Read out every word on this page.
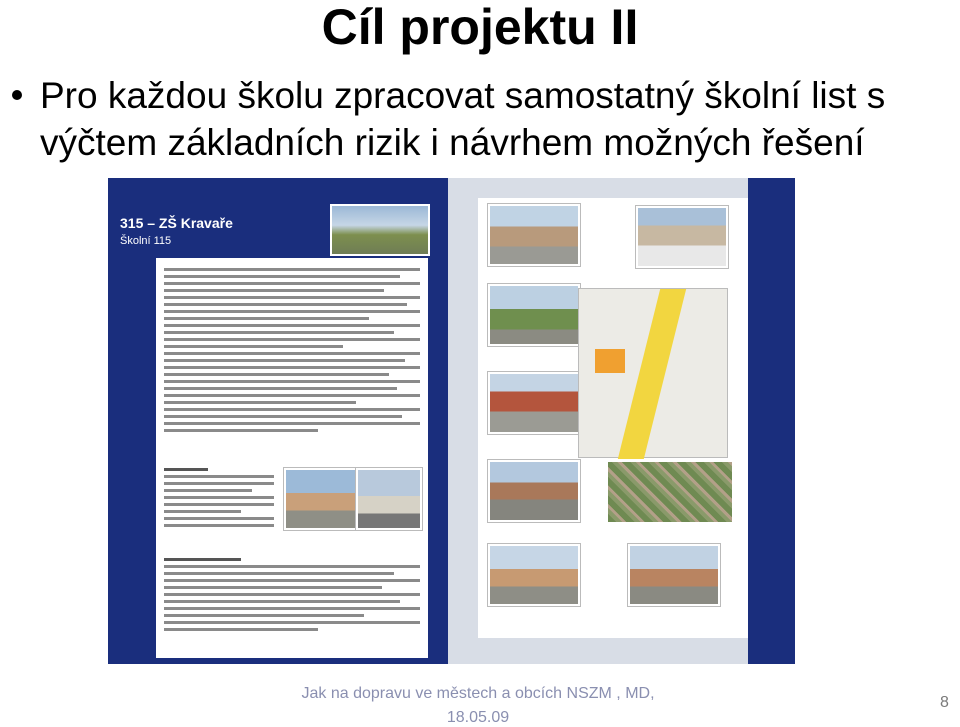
Cíl projektu II
Pro každou školu zpracovat samostatný školní list s výčtem základních rizik i návrhem možných řešení
315 – ZŠ Kravaře
Školní 115
Jak na dopravu ve městech a obcích NSZM , MD, 18.05.09
8
